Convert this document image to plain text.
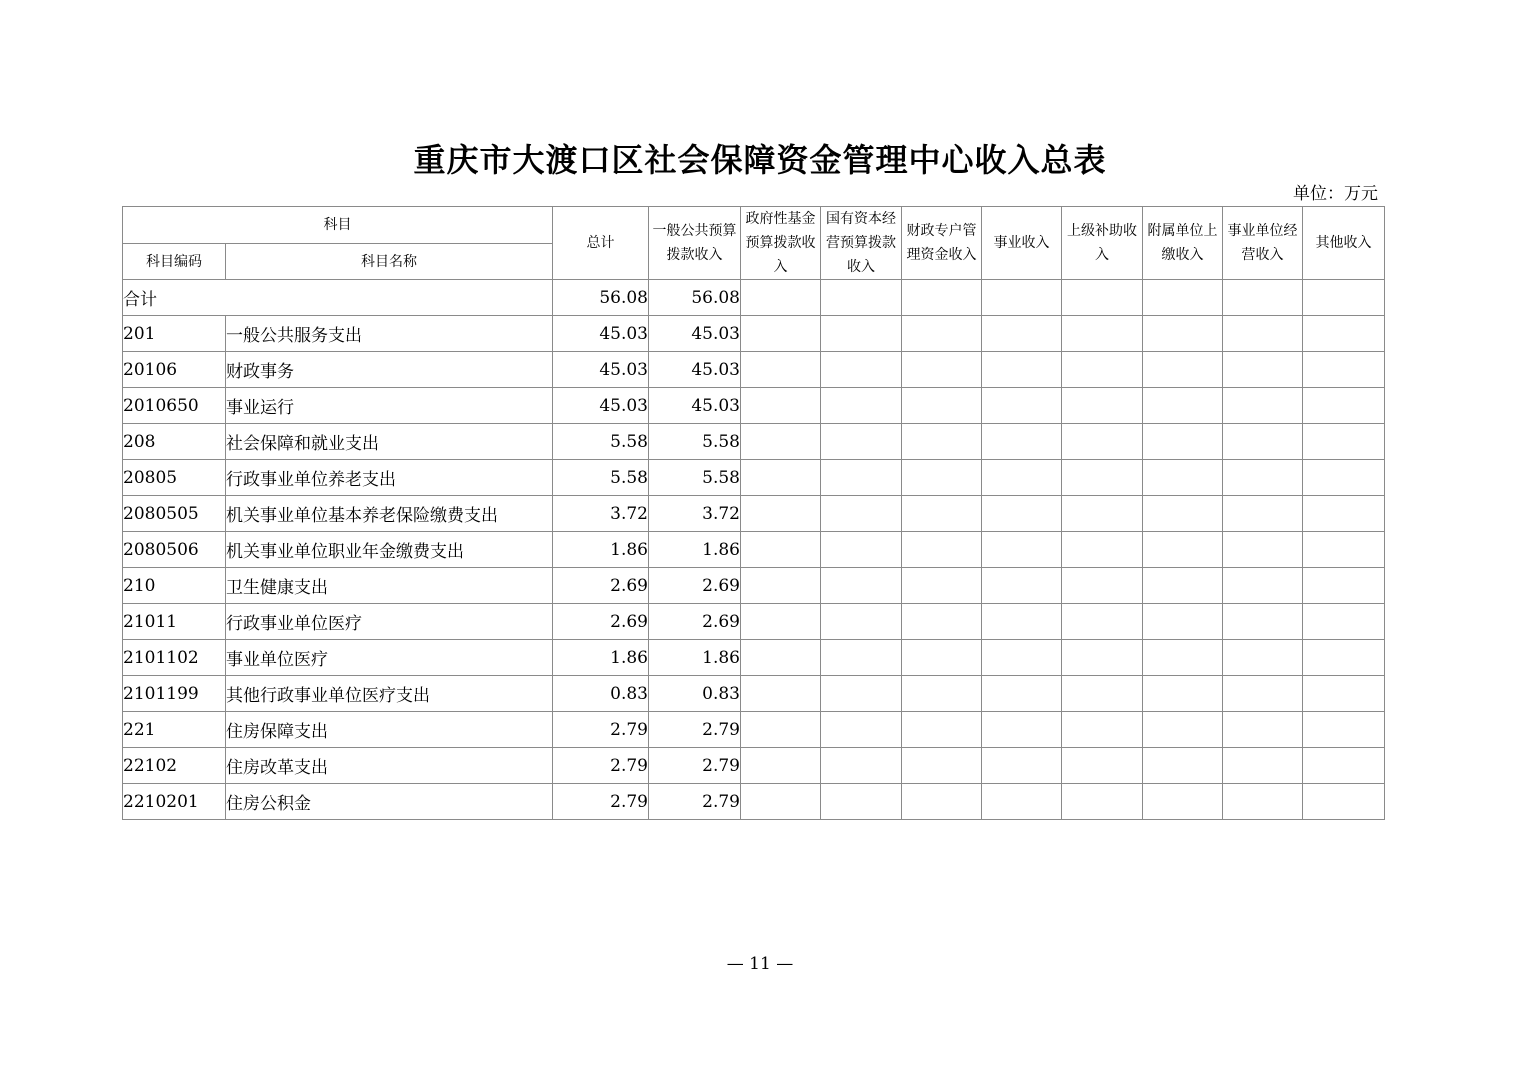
重庆市大渡口区社会保障资金管理中心收入总表
单位：万元
科目		总计	一般公共预算拨款收入	政府性基金预算拨款收入	国有资本经营预算拨款收入	财政专户管理资金收入	事业收入	上级补助收入	附属单位上缴收入	事业单位经营收入	其他收入
科目编码	科目名称										
合计		56.08	56.08								
201	一般公共服务支出	45.03	45.03								
20106	财政事务	45.03	45.03								
2010650	事业运行	45.03	45.03								
208	社会保障和就业支出	5.58	5.58								
20805	行政事业单位养老支出	5.58	5.58								
2080505	机关事业单位基本养老保险缴费支出	3.72	3.72								
2080506	机关事业单位职业年金缴费支出	1.86	1.86								
210	卫生健康支出	2.69	2.69								
21011	行政事业单位医疗	2.69	2.69								
2101102	事业单位医疗	1.86	1.86								
2101199	其他行政事业单位医疗支出	0.83	0.83								
221	住房保障支出	2.79	2.79								
22102	住房改革支出	2.79	2.79								
2210201	住房公积金	2.79	2.79								
— 11 —
